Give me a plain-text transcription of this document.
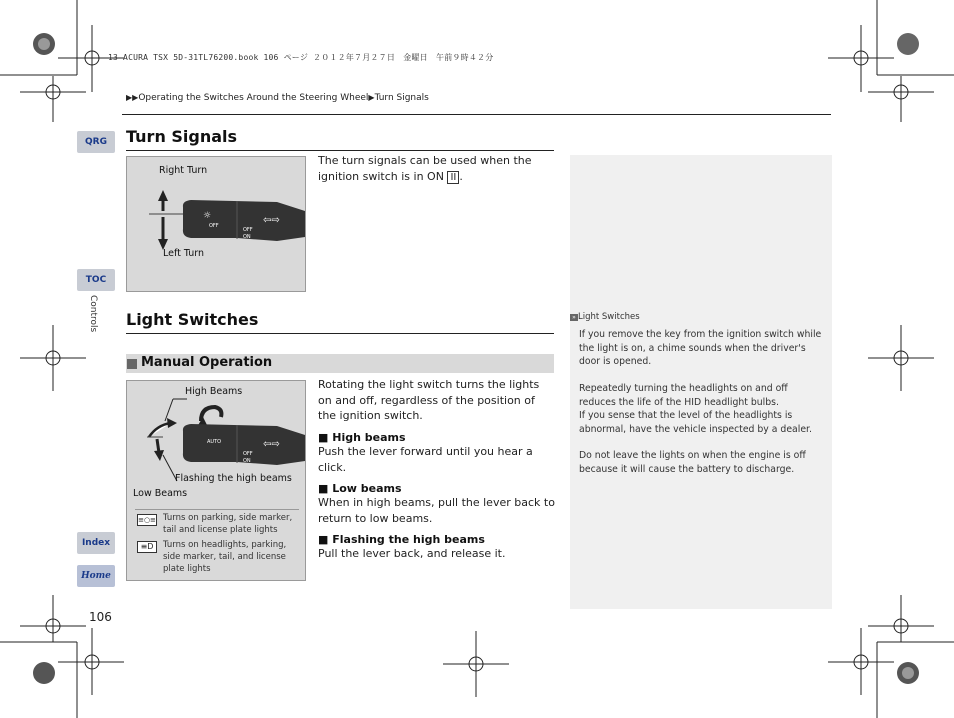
13 ACURA TSX 5D-31TL76200.book 106 ページ ２０１２年７月２７日　金曜日　午前９時４２分
▶▶Operating the Switches Around the Steering Wheel▶Turn Signals
QRG
TOC
Controls
Index
Home
Turn Signals
OFF
☼
OFF
ON
⇦⇨
Right Turn
Left Turn
The turn signals can be used when the ignition switch is in ON II .
Light Switches
Manual Operation
AUTO
OFF
ON
⇦⇨
High Beams
Flashing the high beams
Low Beams
≡○≡ Turns on parking, side marker, tail and license plate lights
≡D	Turns on headlights, parking, side marker, tail, and license plate lights
Rotating the light switch turns the lights on and off, regardless of the position of the ignition switch.
■ High beams
Push the lever forward until you hear a click.
■ Low beams
When in high beams, pull the lever back to return to low beams.
■ Flashing the high beams
Pull the lever back, and release it.
» Light Switches
If you remove the key from the ignition switch while the light is on, a chime sounds when the driver's door is opened.
Repeatedly turning the headlights on and off reduces the life of the HID headlight bulbs.
If you sense that the level of the headlights is abnormal, have the vehicle inspected by a dealer.
Do not leave the lights on when the engine is off because it will cause the battery to discharge.
106
